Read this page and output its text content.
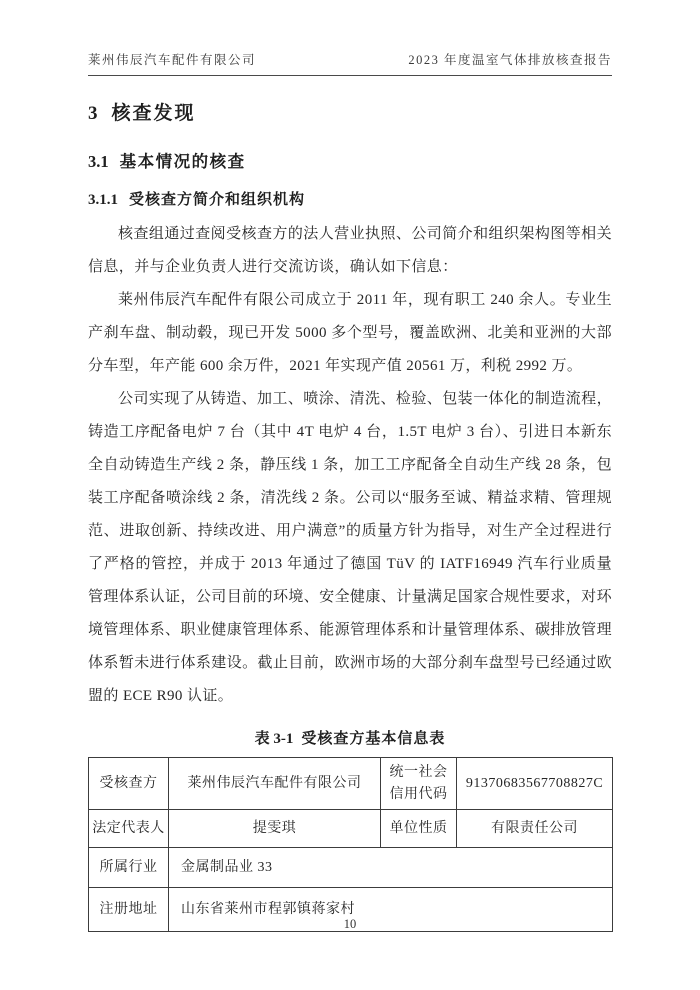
莱州伟辰汽车配件有限公司	2023 年度温室气体排放核查报告
3 核查发现
3.1 基本情况的核查
3.1.1 受核查方简介和组织机构

核查组通过查阅受核查方的法人营业执照、公司简介和组织架构图等相关信息，并与企业负责人进行交流访谈，确认如下信息：

莱州伟辰汽车配件有限公司成立于 2011 年，现有职工 240 余人。专业生产刹车盘、制动毂，现已开发 5000 多个型号，覆盖欧洲、北美和亚洲的大部分车型，年产能 600 余万件，2021 年实现产值 20561 万，利税 2992 万。

公司实现了从铸造、加工、喷涂、清洗、检验、包装一体化的制造流程，铸造工序配备电炉 7 台（其中 4T 电炉 4 台，1.5T 电炉 3 台）、引进日本新东全自动铸造生产线 2 条，静压线 1 条，加工工序配备全自动生产线 28 条，包装工序配备喷涂线 2 条，清洗线 2 条。公司以“服务至诚、精益求精、管理规范、进取创新、持续改进、用户满意”的质量方针为指导，对生产全过程进行了严格的管控，并成于 2013 年通过了德国 TüV 的 IATF16949 汽车行业质量管理体系认证，公司目前的环境、安全健康、计量满足国家合规性要求，对环境管理体系、职业健康管理体系、能源管理体系和计量管理体系、碳排放管理体系暂未进行体系建设。截止目前，欧洲市场的大部分刹车盘型号已经通过欧盟的 ECE R90 认证。

表 3-1 受核查方基本信息表
受核查方	莱州伟辰汽车配件有限公司	统一社会信用代码	91370683567708827C
法定代表人	提雯琪	单位性质	有限责任公司
所属行业	金属制品业 33		
注册地址	山东省莱州市程郭镇蒋家村		
10
